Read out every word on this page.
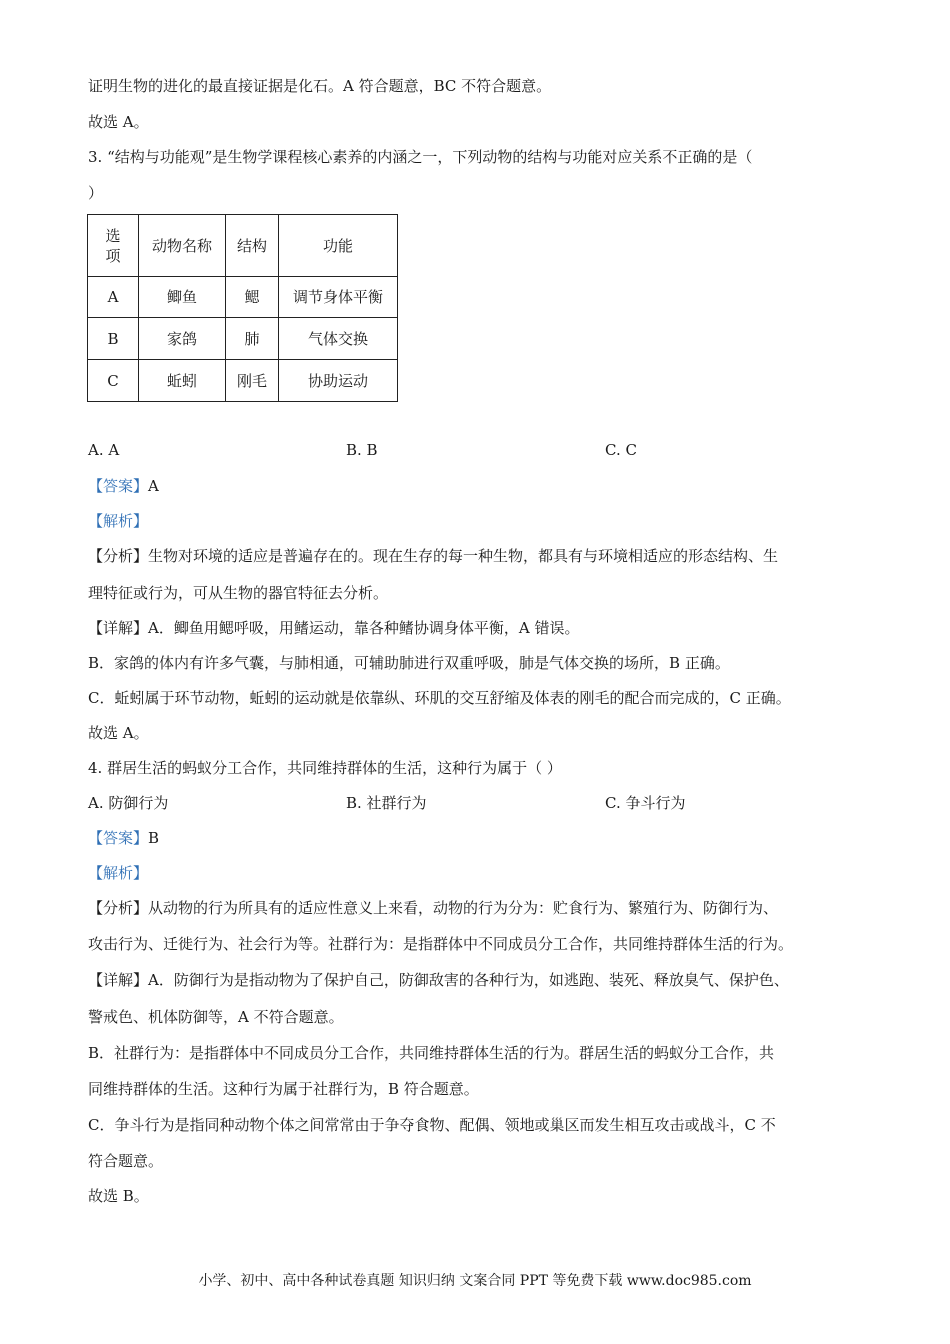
证明生物的进化的最直接证据是化石。A 符合题意，BC 不符合题意。
故选 A。
3. “结构与功能观”是生物学课程核心素养的内涵之一，下列动物的结构与功能对应关系不正确的是（
）
选
项	动物名称	结构	功能
A	鲫鱼	鳃	调节身体平衡
B	家鸽	肺	气体交换
C	蚯蚓	刚毛	协助运动
A. A	B. B	C. C
【答案】A
【解析】
【分析】生物对环境的适应是普遍存在的。现在生存的每一种生物，都具有与环境相适应的形态结构、生
理特征或行为，可从生物的器官特征去分析。
【详解】A．鲫鱼用鳃呼吸，用鳍运动，靠各种鳍协调身体平衡，A 错误。
B．家鸽的体内有许多气囊，与肺相通，可辅助肺进行双重呼吸，肺是气体交换的场所，B 正确。
C．蚯蚓属于环节动物，蚯蚓的运动就是依靠纵、环肌的交互舒缩及体表的刚毛的配合而完成的，C 正确。
故选 A。
4. 群居生活的蚂蚁分工合作，共同维持群体的生活，这种行为属于（ ）
A. 防御行为	B. 社群行为	C. 争斗行为
【答案】B
【解析】
【分析】从动物的行为所具有的适应性意义上来看，动物的行为分为：贮食行为、繁殖行为、防御行为、
攻击行为、迁徙行为、社会行为等。社群行为：是指群体中不同成员分工合作，共同维持群体生活的行为。
【详解】A．防御行为是指动物为了保护自己，防御敌害的各种行为，如逃跑、装死、释放臭气、保护色、
警戒色、机体防御等，A 不符合题意。
B．社群行为：是指群体中不同成员分工合作，共同维持群体生活的行为。群居生活的蚂蚁分工合作，共
同维持群体的生活。这种行为属于社群行为，B 符合题意。
C．争斗行为是指同种动物个体之间常常由于争夺食物、配偶、领地或巢区而发生相互攻击或战斗，C 不
符合题意。
故选 B。
小学、初中、高中各种试卷真题 知识归纳 文案合同 PPT 等免费下载 www.doc985.com
